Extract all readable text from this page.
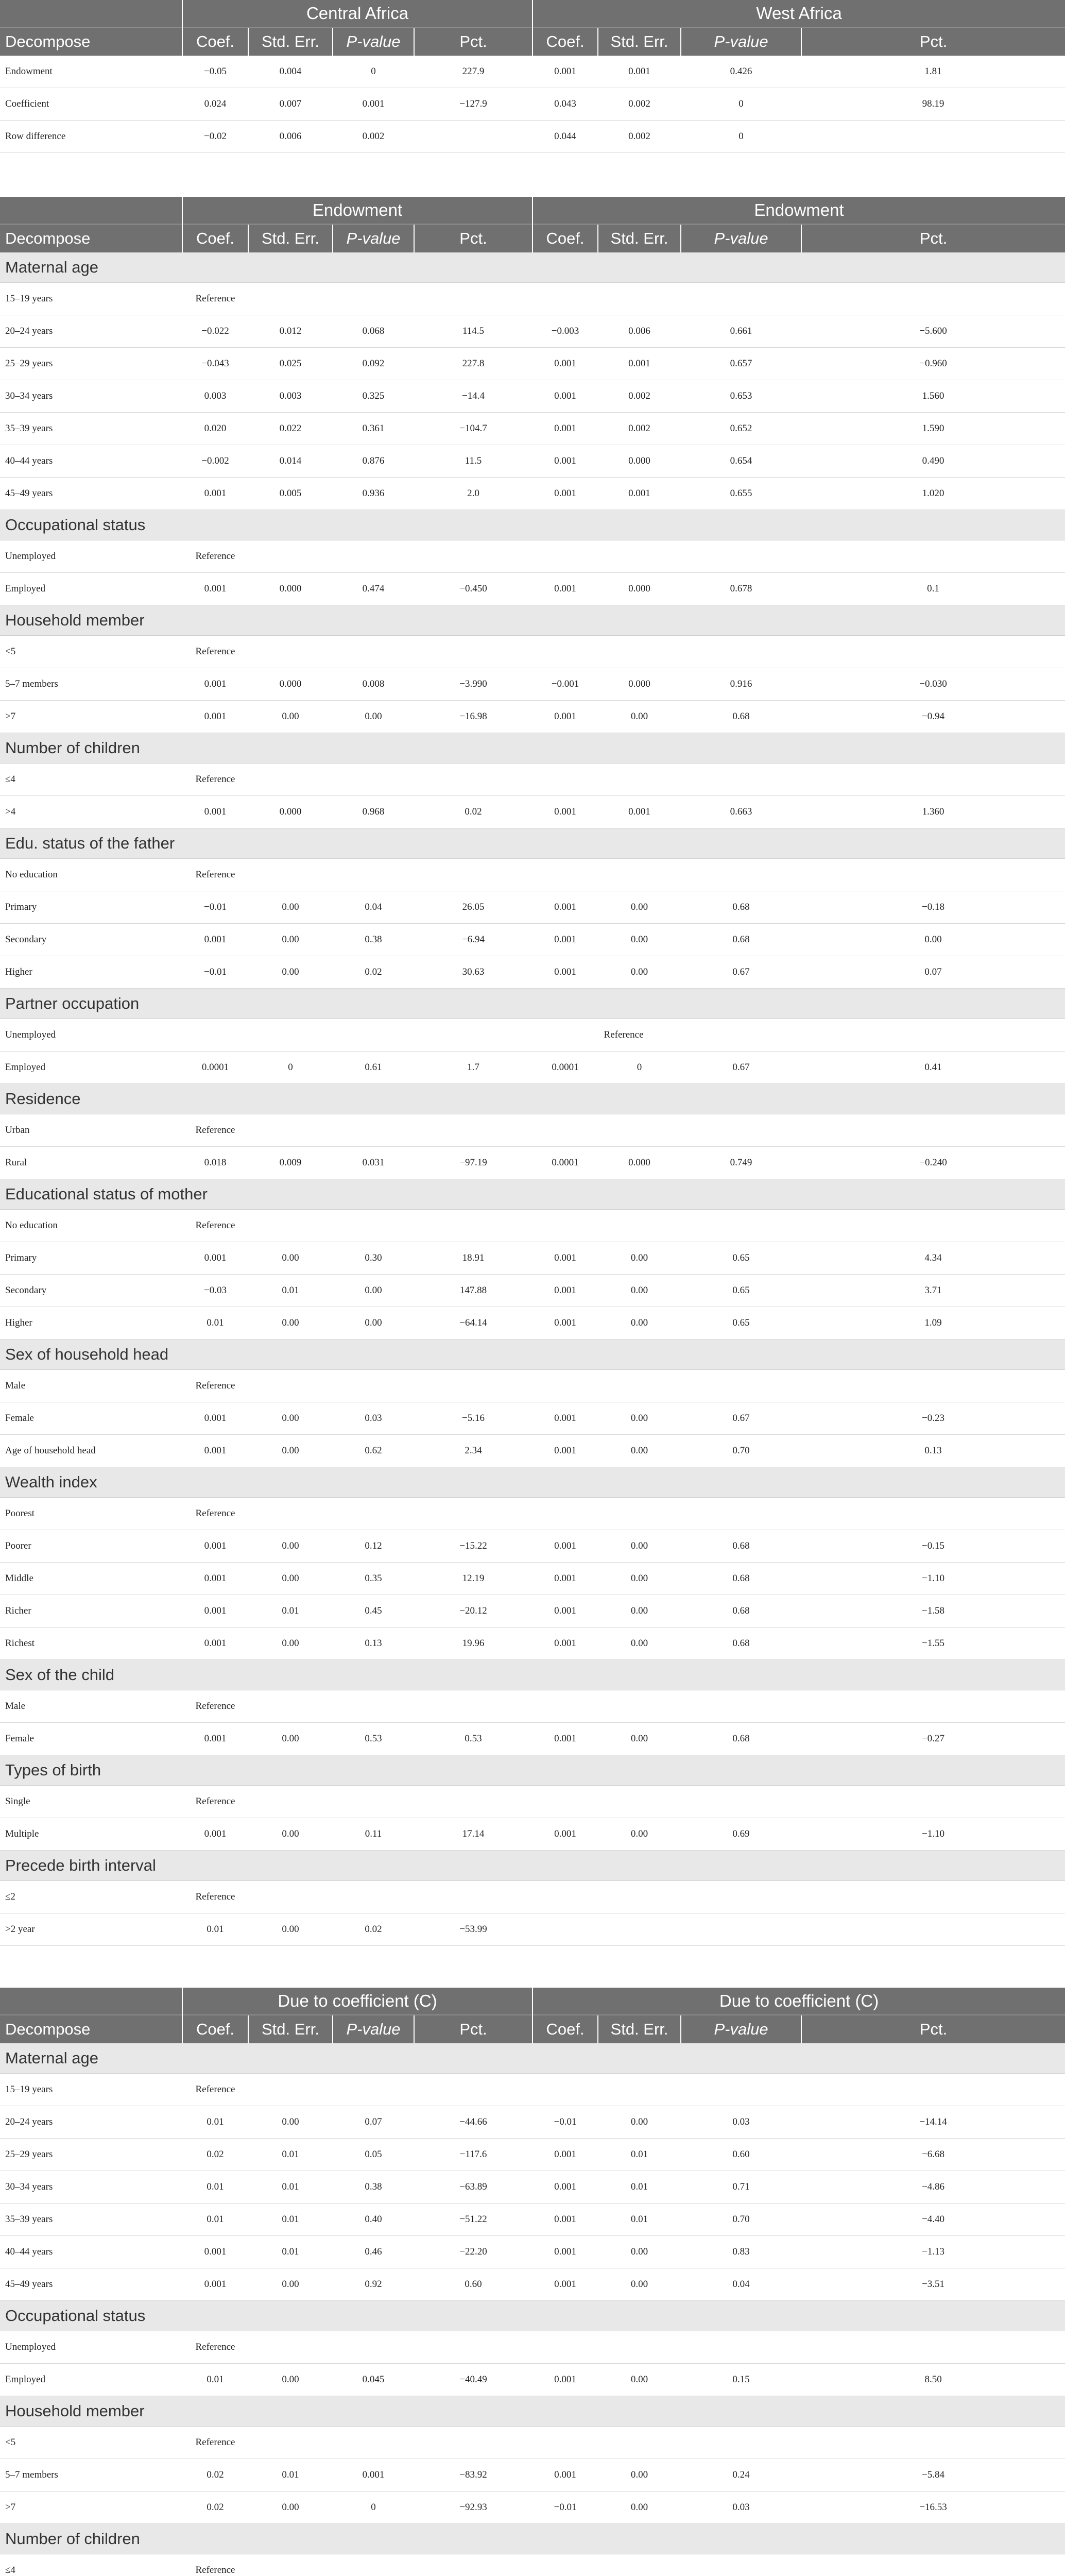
	Central Africa				West Africa			
Decompose	Coef.	Std. Err.	P-value	Pct.	Coef.	Std. Err.	P-value	Pct.
Endowment	−0.05	0.004	0	227.9	0.001	0.001	0.426	1.81
Coefficient	0.024	0.007	0.001	−127.9	0.043	0.002	0	98.19
Row difference	−0.02	0.006	0.002		0.044	0.002	0	
	Endowment				Endowment			
Decompose	Coef.	Std. Err.	P-value	Pct.	Coef.	Std. Err.	P-value	Pct.
Maternal age								
15–19 years	Reference							
20–24 years	−0.022	0.012	0.068	114.5	−0.003	0.006	0.661	−5.600
25–29 years	−0.043	0.025	0.092	227.8	0.001	0.001	0.657	−0.960
30–34 years	0.003	0.003	0.325	−14.4	0.001	0.002	0.653	1.560
35–39 years	0.020	0.022	0.361	−104.7	0.001	0.002	0.652	1.590
40–44 years	−0.002	0.014	0.876	11.5	0.001	0.000	0.654	0.490
45–49 years	0.001	0.005	0.936	2.0	0.001	0.001	0.655	1.020
Occupational status								
Unemployed	Reference							
Employed	0.001	0.000	0.474	−0.450	0.001	0.000	0.678	0.1
Household member								
<5	Reference							
5–7 members	0.001	0.000	0.008	−3.990	−0.001	0.000	0.916	−0.030
>7	0.001	0.00	0.00	−16.98	0.001	0.00	0.68	−0.94
Number of children								
≤4	Reference							
>4	0.001	0.000	0.968	0.02	0.001	0.001	0.663	1.360
Edu. status of the father								
No education	Reference							
Primary	−0.01	0.00	0.04	26.05	0.001	0.00	0.68	−0.18
Secondary	0.001	0.00	0.38	−6.94	0.001	0.00	0.68	0.00
Higher	−0.01	0.00	0.02	30.63	0.001	0.00	0.67	0.07
Partner occupation								
Unemployed	Reference							
Employed	0.0001	0	0.61	1.7	0.0001	0	0.67	0.41
Residence								
Urban	Reference							
Rural	0.018	0.009	0.031	−97.19	0.0001	0.000	0.749	−0.240
Educational status of mother								
No education	Reference							
Primary	0.001	0.00	0.30	18.91	0.001	0.00	0.65	4.34
Secondary	−0.03	0.01	0.00	147.88	0.001	0.00	0.65	3.71
Higher	0.01	0.00	0.00	−64.14	0.001	0.00	0.65	1.09
Sex of household head								
Male	Reference							
Female	0.001	0.00	0.03	−5.16	0.001	0.00	0.67	−0.23
Age of household head	0.001	0.00	0.62	2.34	0.001	0.00	0.70	0.13
Wealth index								
Poorest	Reference							
Poorer	0.001	0.00	0.12	−15.22	0.001	0.00	0.68	−0.15
Middle	0.001	0.00	0.35	12.19	0.001	0.00	0.68	−1.10
Richer	0.001	0.01	0.45	−20.12	0.001	0.00	0.68	−1.58
Richest	0.001	0.00	0.13	19.96	0.001	0.00	0.68	−1.55
Sex of the child								
Male	Reference							
Female	0.001	0.00	0.53	0.53	0.001	0.00	0.68	−0.27
Types of birth								
Single	Reference							
Multiple	0.001	0.00	0.11	17.14	0.001	0.00	0.69	−1.10
Precede birth interval								
≤2	Reference							
>2 year	0.01	0.00	0.02	−53.99				
	Due to coefficient (C)				Due to coefficient (C)			
Decompose	Coef.	Std. Err.	P-value	Pct.	Coef.	Std. Err.	P-value	Pct.
Maternal age								
15–19 years	Reference							
20–24 years	0.01	0.00	0.07	−44.66	−0.01	0.00	0.03	−14.14
25–29 years	0.02	0.01	0.05	−117.6	0.001	0.01	0.60	−6.68
30–34 years	0.01	0.01	0.38	−63.89	0.001	0.01	0.71	−4.86
35–39 years	0.01	0.01	0.40	−51.22	0.001	0.01	0.70	−4.40
40–44 years	0.001	0.01	0.46	−22.20	0.001	0.00	0.83	−1.13
45–49 years	0.001	0.00	0.92	0.60	0.001	0.00	0.04	−3.51
Occupational status								
Unemployed	Reference							
Employed	0.01	0.00	0.045	−40.49	0.001	0.00	0.15	8.50
Household member								
<5	Reference							
5–7 members	0.02	0.01	0.001	−83.92	0.001	0.00	0.24	−5.84
>7	0.02	0.00	0	−92.93	−0.01	0.00	0.03	−16.53
Number of children								
≤4	Reference							
